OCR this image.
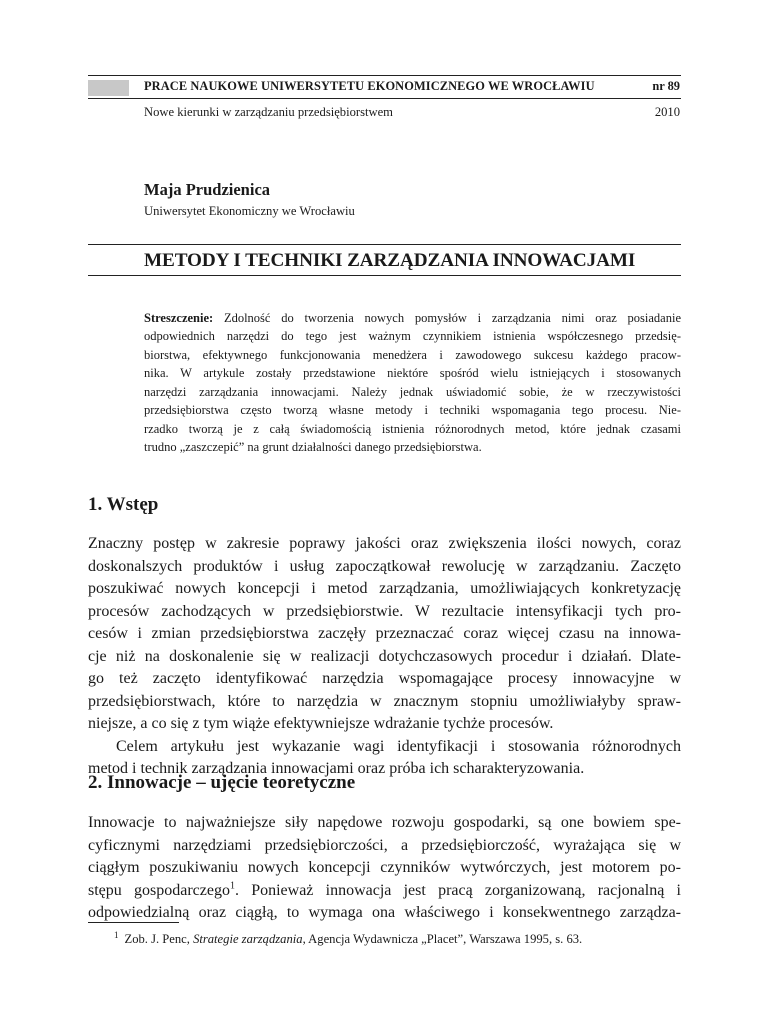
PRACE NAUKOWE UNIWERSYTETU EKONOMICZNEGO WE WROCŁAWIU	nr 89
Nowe kierunki w zarządzaniu przedsiębiorstwem	2010
Maja Prudzienica
Uniwersytet Ekonomiczny we Wrocławiu
METODY I TECHNIKI ZARZĄDZANIA INNOWACJAMI
Streszczenie: Zdolność do tworzenia nowych pomysłów i zarządzania nimi oraz posiadanie
odpowiednich narzędzi do tego jest ważnym czynnikiem istnienia współczesnego przedsię-
biorstwa, efektywnego funkcjonowania menedżera i zawodowego sukcesu każdego pracow-
nika. W artykule zostały przedstawione niektóre spośród wielu istniejących i stosowanych
narzędzi zarządzania innowacjami. Należy jednak uświadomić sobie, że w rzeczywistości
przedsiębiorstwa często tworzą własne metody i techniki wspomagania tego procesu. Nie-
rzadko tworzą je z całą świadomością istnienia różnorodnych metod, które jednak czasami
trudno „zaszczepić” na grunt działalności danego przedsiębiorstwa.
1. Wstęp
Znaczny postęp w zakresie poprawy jakości oraz zwiększenia ilości nowych, coraz
doskonalszych produktów i usług zapoczątkował rewolucję w zarządzaniu. Zaczęto
poszukiwać nowych koncepcji i metod zarządzania, umożliwiających konkretyzację
procesów zachodzących w przedsiębiorstwie. W rezultacie intensyfikacji tych pro-
cesów i zmian przedsiębiorstwa zaczęły przeznaczać coraz więcej czasu na innowa-
cje niż na doskonalenie się w realizacji dotychczasowych procedur i działań. Dlate-
go też zaczęto identyfikować narzędzia wspomagające procesy innowacyjne w
przedsiębiorstwach, które to narzędzia w znacznym stopniu umożliwiałyby spraw-
niejsze, a co się z tym wiąże efektywniejsze wdrażanie tychże procesów.
Celem artykułu jest wykazanie wagi identyfikacji i stosowania różnorodnych
metod i technik zarządzania innowacjami oraz próba ich scharakteryzowania.
2. Innowacje – ujęcie teoretyczne
Innowacje to najważniejsze siły napędowe rozwoju gospodarki, są one bowiem spe-
cyficznymi narzędziami przedsiębiorczości, a przedsiębiorczość, wyrażająca się w
ciągłym poszukiwaniu nowych koncepcji czynników wytwórczych, jest motorem po-
stępu gospodarczego$^1$. Ponieważ innowacja jest pracą zorganizowaną, racjonalną i
odpowiedzialną oraz ciągłą, to wymaga ona właściwego i konsekwentnego zarządza-
$^1$ Zob. J. Penc, Strategie zarządzania, Agencja Wydawnicza „Placet”, Warszawa 1995, s. 63.
